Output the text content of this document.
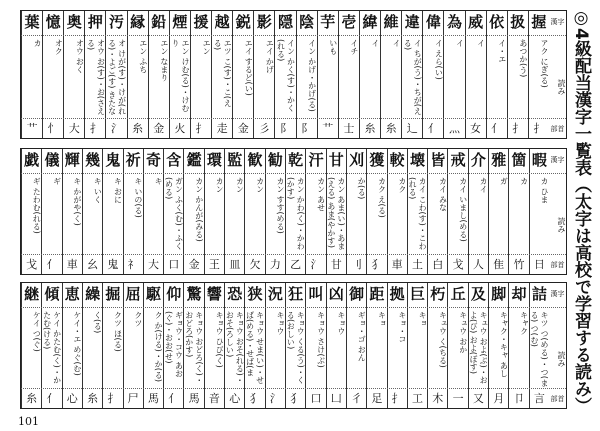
◎4級配当漢字一覧表（太字は高校で学習する読み）
漢字
読み
部首
葉
カ
艹
憶
オク
忄
奥
オウ おく
大
押
オウ お(す)・お(さえる)
扌
汚
オ けが(す)・けが(れる)・よご(す) きたな
氵
縁
エン ふち
糸
鉛
エン なまり
金
煙
エン けむ(る)・けむり
火
援
エン
扌
越
エツ こ(す)・こ(える)
走
鋭
エイ するど(い)
金
影
エイ かげ
彡
隠
イン かく(す)・かく(れる)
阝
陰
イン かげ・かげ(る)
阝
芋
いも
艹
壱
イチ
士
緯
イ
糸
維
イ
糸
違
イ ちが(う)・ちが(える)
辶
偉
イ えら(い)
亻
為
イ
灬
威
イ
女
依
イ・エ
亻
扱
あつか(う)
扌
握
アク にぎ(る)
扌
漢字
読み
部首
戯
ギ たわむ(れる)
戈
儀
ギ
亻
輝
キ かがや(く)
車
幾
キ いく
幺
鬼
キ おに
鬼
祈
キ いの(る)
礻
奇
キ
大
含
ガン ふく(む)・ふく(める)
口
鑑
カン かんが(みる)
金
環
カン
王
監
カン
皿
歓
カン
欠
勧
カン すす(める)
力
乾
カン かわ(く)・かわ(かす)
乙
汗
カン あせ
氵
甘
カン あま(い)・あま(える) あま(やかす)
甘
刈
か(る)
刂
獲
カク え(る)
犭
較
カク
車
壊
カイ こわ(す)・こわ(れる)
土
皆
カイ みな
白
戒
カイ いまし(める)
戈
介
カイ
人
雅
ガ
隹
箇
カ
竹
暇
カ ひま
日
漢字
読み
部首
継
ケイ つ(ぐ)
糸
傾
ケイ かたむ(く)・かたむ(ける)
亻
恵
ケイ・エ めぐ(む)
心
繰
く(る)
糸
掘
クツ ほ(る)
扌
屈
クツ
尸
駆
ク か(ける)・か(る)
馬
仰
ギョウ・コウ あお(ぐ)・おお(せ)
亻
驚
キョウ おどろ(く)・おどろ(かす)
馬
響
キョウ ひび(く)
音
恐
キョウ おそ(れる)・おそ(ろしい)
心
狭
キョウ せま(い)・せば(める)・せば(ま
犭
況
キョウ
氵
狂
キョウ くる(う)・くる(おしい)
犭
叫
キョウ さけ(ぶ)
口
凶
キョウ
凵
御
ギョ・ゴ おん
彳
距
キョ
足
拠
キョ・コ
扌
巨
キョ
工
朽
キュウ く(ちる)
木
丘
キュウ おか
一
及
キュウ およ(ぶ)・およ(び) およ(ぼす)
又
脚
キャク・キャ あし
月
却
キャク
卩
詰
キツ つ(める)・つ(まる) つ(む)
言
101
